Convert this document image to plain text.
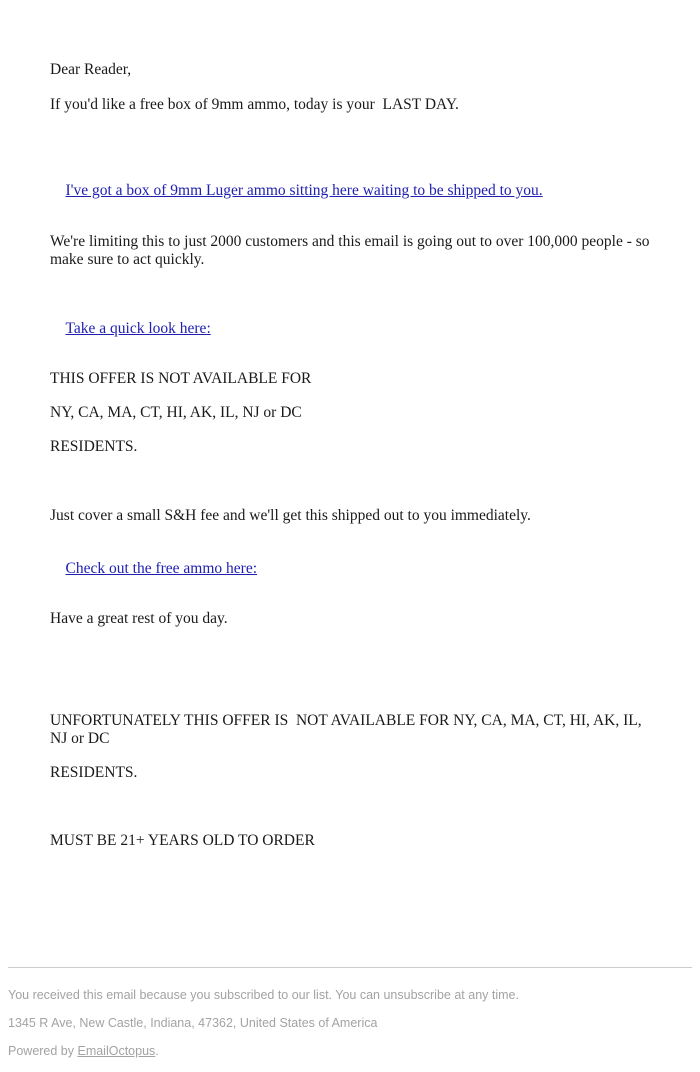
Dear Reader,
If you'd like a free box of 9mm ammo, today is your  LAST DAY.

I've got a box of 9mm Luger ammo sitting here waiting to be shipped to you.

We're limiting this to just 2000 customers and this email is going out to over 100,000 people - so make sure to act quickly.

Take a quick look here:

THIS OFFER IS NOT AVAILABLE FOR
NY, CA, MA, CT, HI, AK, IL, NJ or DC
RESIDENTS.
Just cover a small S&H fee and we'll get this shipped out to you immediately.

Check out the free ammo here:

Have a great rest of you day.
UNFORTUNATELY THIS OFFER IS  NOT AVAILABLE FOR NY, CA, MA, CT, HI, AK, IL, NJ or DC
RESIDENTS.
MUST BE 21+ YEARS OLD TO ORDER
You received this email because you subscribed to our list. You can unsubscribe at any time.
1345 R Ave, New Castle, Indiana, 47362, United States of America
Powered by EmailOctopus.
